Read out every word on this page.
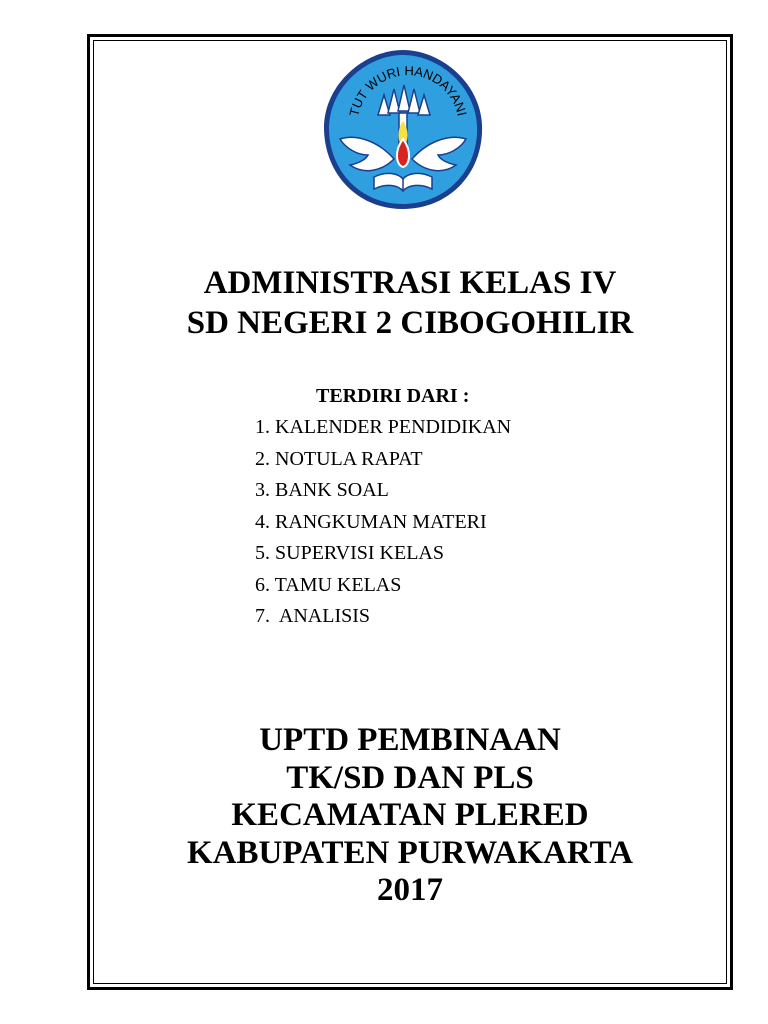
TUT WURI HANDAYANI
ADMINISTRASI KELAS IV
SD NEGERI 2 CIBOGOHILIR

TERDIRI DARI :

1. KALENDER PENDIDIKAN
2. NOTULA RAPAT
3. BANK SOAL
4. RANGKUMAN MATERI
5. SUPERVISI KELAS
6. TAMU KELAS
7.  ANALISIS
UPTD PEMBINAAN
TK/SD DAN PLS
KECAMATAN PLERED
KABUPATEN PURWAKARTA
2017
